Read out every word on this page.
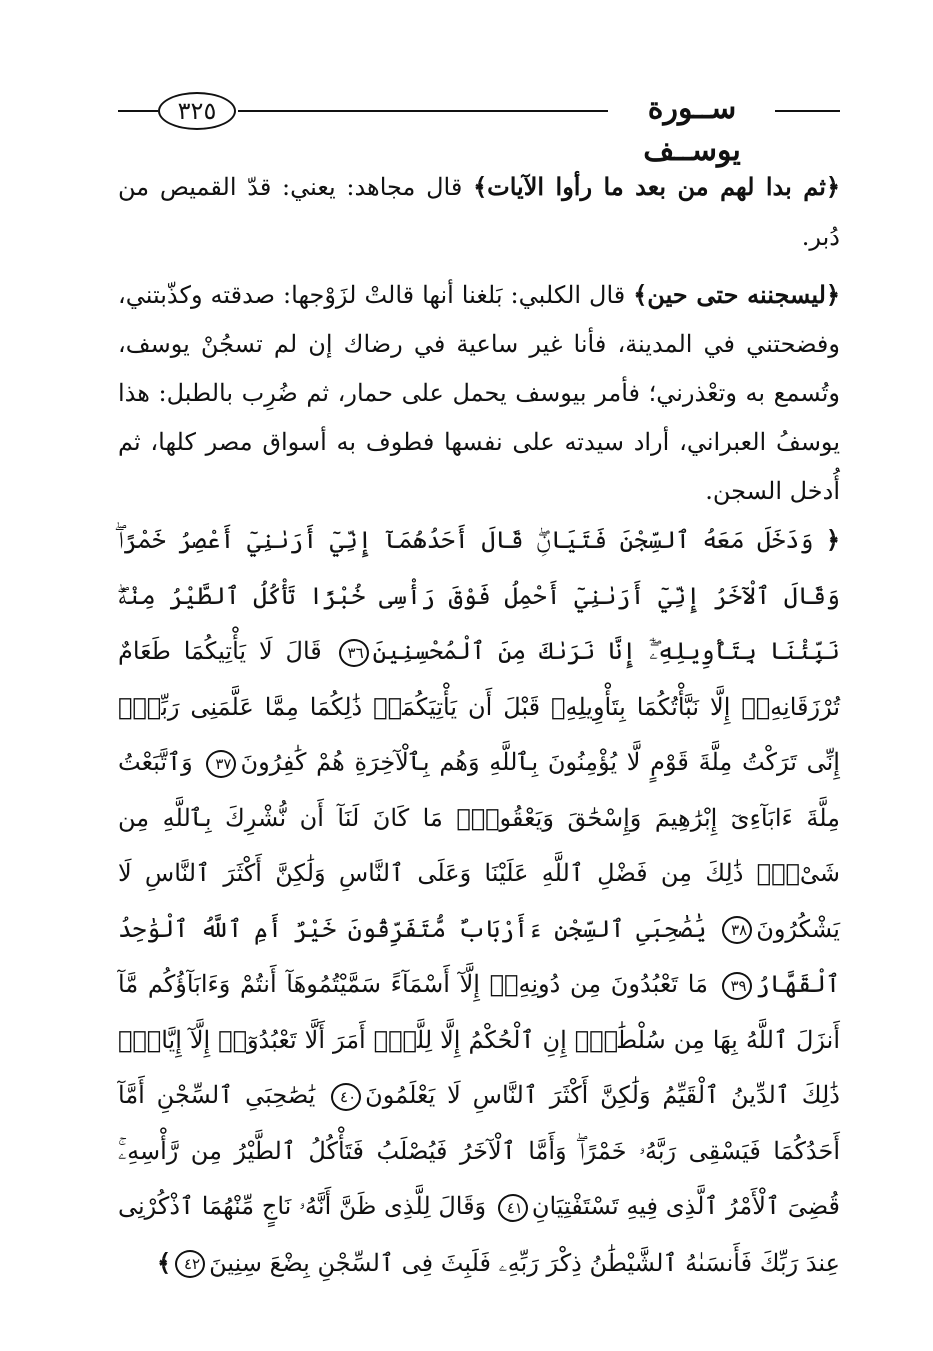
٣٢٥	ســورة يوســف
﴿ثم بدا لهم من بعد ما رأوا الآيات﴾ قال مجاهد: يعني: قدّ القميص من دُبر.
﴿ليسجننه حتى حين﴾ قال الكلبي: بَلغنا أنها قالتْ لزَوْجها: صدقته وكذّبتني، وفضحتني في المدينة، فأنا غير ساعية في رضاك إن لم تسجُنْ يوسف، وتُسمع به وتعْذرني؛ فأمر بيوسف يحمل على حمار، ثم ضُرِب بالطبل: هذا يوسفُ العبراني، أراد سيدته على نفسها فطوف به أسواق مصر كلها، ثم أُدخل السجن.
﴿ وَدَخَلَ مَعَهُ ٱلسِّجْنَ فَتَيَانِۖ قَالَ أَحَدُهُمَآ إِنِّيٓ أَرَىٰنِيٓ أَعْصِرُ خَمْرًاۖ وَقَالَ ٱلْآخَرُ إِنِّيٓ أَرَىٰنِيٓ أَحْمِلُ فَوْقَ رَأْسِى خُبْزًا تَأْكُلُ ٱلطَّيْرُ مِنْهُۖ نَبِّئْنَا بِتَأْوِيلِهِۦٓۖ إِنَّا نَرَىٰكَ مِنَ ٱلْمُحْسِنِينَ٣٦ قَالَ لَا يَأْتِيكُمَا طَعَامٌ تُرْزَقَانِهِۦٓ إِلَّا نَبَّأْتُكُمَا بِتَأْوِيلِهِۦ قَبْلَ أَن يَأْتِيَكُمَاۚ ذَٰلِكُمَا مِمَّا عَلَّمَنِى رَبِّىٓۚ إِنِّى تَرَكْتُ مِلَّةَ قَوْمٍ لَّا يُؤْمِنُونَ بِٱللَّهِ وَهُم بِٱلْآخِرَةِ هُمْ كَٰفِرُونَ٣٧ وَٱتَّبَعْتُ مِلَّةَ ءَابَآءِىٓ إِبْرَٰهِيمَ وَإِسْحَٰقَ وَيَعْقُوبَۚ مَا كَانَ لَنَآ أَن نُّشْرِكَ بِٱللَّهِ مِن شَىْءٍۚ ذَٰلِكَ مِن فَضْلِ ٱللَّهِ عَلَيْنَا وَعَلَى ٱلنَّاسِ وَلَٰكِنَّ أَكْثَرَ ٱلنَّاسِ لَا يَشْكُرُونَ٣٨ يَٰصَٰحِبَىِ ٱلسِّجْنِ ءَأَرْبَابٌ مُّتَفَرِّقُونَ خَيْرٌ أَمِ ٱللَّهُ ٱلْوَٰحِدُ ٱلْقَهَّارُ٣٩ مَا تَعْبُدُونَ مِن دُونِهِۦٓ إِلَّآ أَسْمَآءً سَمَّيْتُمُوهَآ أَنتُمْ وَءَابَآؤُكُم مَّآ أَنزَلَ ٱللَّهُ بِهَا مِن سُلْطَٰنٍۚ إِنِ ٱلْحُكْمُ إِلَّا لِلَّهِۚ أَمَرَ أَلَّا تَعْبُدُوٓا۟ إِلَّآ إِيَّاهُۚ ذَٰلِكَ ٱلدِّينُ ٱلْقَيِّمُ وَلَٰكِنَّ أَكْثَرَ ٱلنَّاسِ لَا يَعْلَمُونَ٤٠ يَٰصَٰحِبَىِ ٱلسِّجْنِ أَمَّآ أَحَدُكُمَا فَيَسْقِى رَبَّهُۥ خَمْرًاۖ وَأَمَّا ٱلْآخَرُ فَيُصْلَبُ فَتَأْكُلُ ٱلطَّيْرُ مِن رَّأْسِهِۦۚ قُضِىَ ٱلْأَمْرُ ٱلَّذِى فِيهِ تَسْتَفْتِيَانِ٤١ وَقَالَ لِلَّذِى ظَنَّ أَنَّهُۥ نَاجٍ مِّنْهُمَا ٱذْكُرْنِى عِندَ رَبِّكَ فَأَنسَىٰهُ ٱلشَّيْطَٰنُ ذِكْرَ رَبِّهِۦ فَلَبِثَ فِى ٱلسِّجْنِ بِضْعَ سِنِينَ٤٢﴾
